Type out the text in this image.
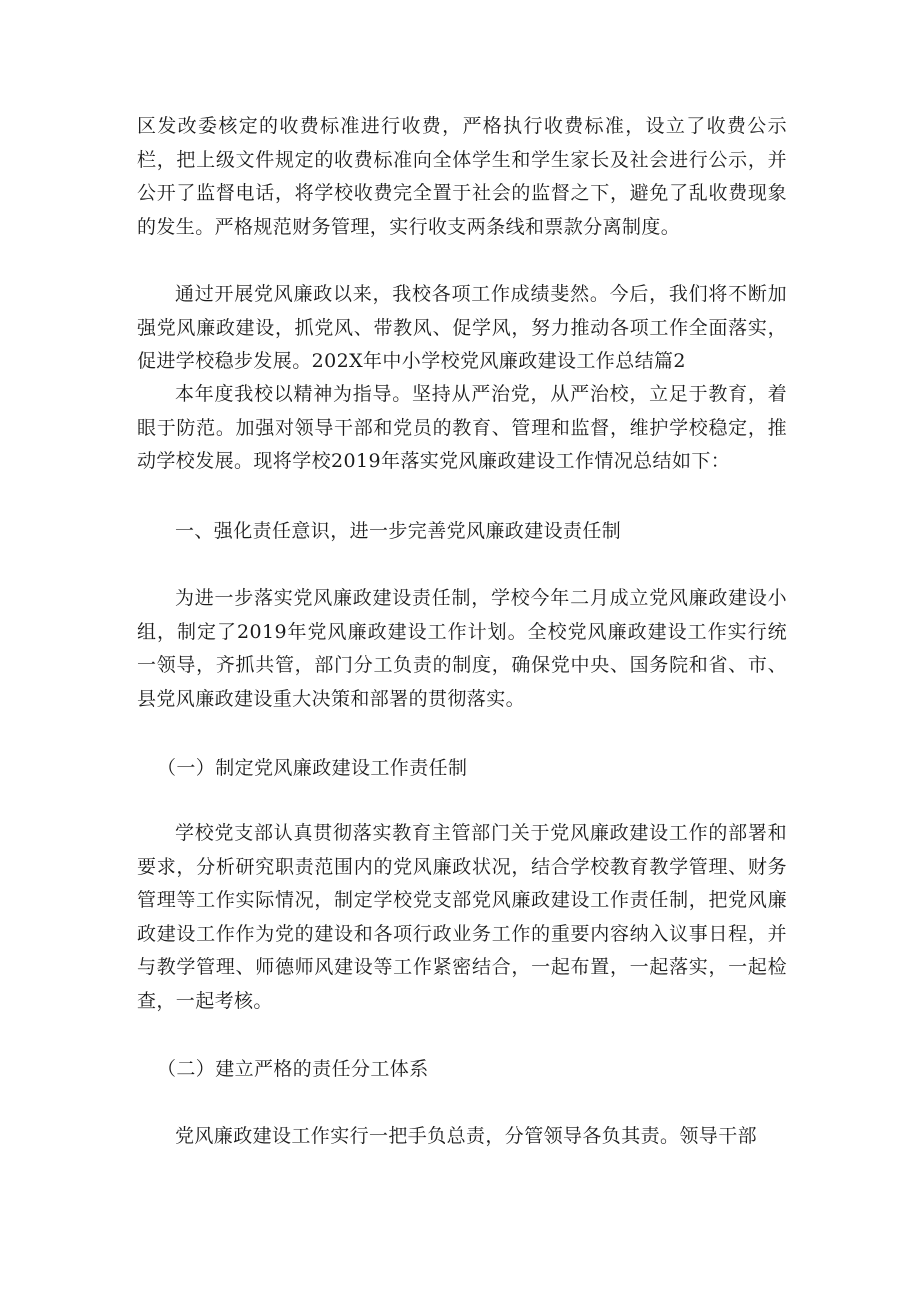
区发改委核定的收费标准进行收费，严格执行收费标准，设立了收费公示栏，把上级文件规定的收费标准向全体学生和学生家长及社会进行公示，并公开了监督电话，将学校收费完全置于社会的监督之下，避免了乱收费现象的发生。严格规范财务管理，实行收支两条线和票款分离制度。

通过开展党风廉政以来，我校各项工作成绩斐然。今后，我们将不断加强党风廉政建设，抓党风、带教风、促学风，努力推动各项工作全面落实，促进学校稳步发展。202X年中小学校党风廉政建设工作总结篇2

本年度我校以精神为指导。坚持从严治党，从严治校，立足于教育，着眼于防范。加强对领导干部和党员的教育、管理和监督，维护学校稳定，推动学校发展。现将学校2019年落实党风廉政建设工作情况总结如下：

一、强化责任意识，进一步完善党风廉政建设责任制

为进一步落实党风廉政建设责任制，学校今年二月成立党风廉政建设小组，制定了2019年党风廉政建设工作计划。全校党风廉政建设工作实行统一领导，齐抓共管，部门分工负责的制度，确保党中央、国务院和省、市、县党风廉政建设重大决策和部署的贯彻落实。

（一）制定党风廉政建设工作责任制

学校党支部认真贯彻落实教育主管部门关于党风廉政建设工作的部署和要求，分析研究职责范围内的党风廉政状况，结合学校教育教学管理、财务管理等工作实际情况，制定学校党支部党风廉政建设工作责任制，把党风廉政建设工作作为党的建设和各项行政业务工作的重要内容纳入议事日程，并与教学管理、师德师风建设等工作紧密结合，一起布置，一起落实，一起检查，一起考核。

（二）建立严格的责任分工体系

党风廉政建设工作实行一把手负总责，分管领导各负其责。领导干部
